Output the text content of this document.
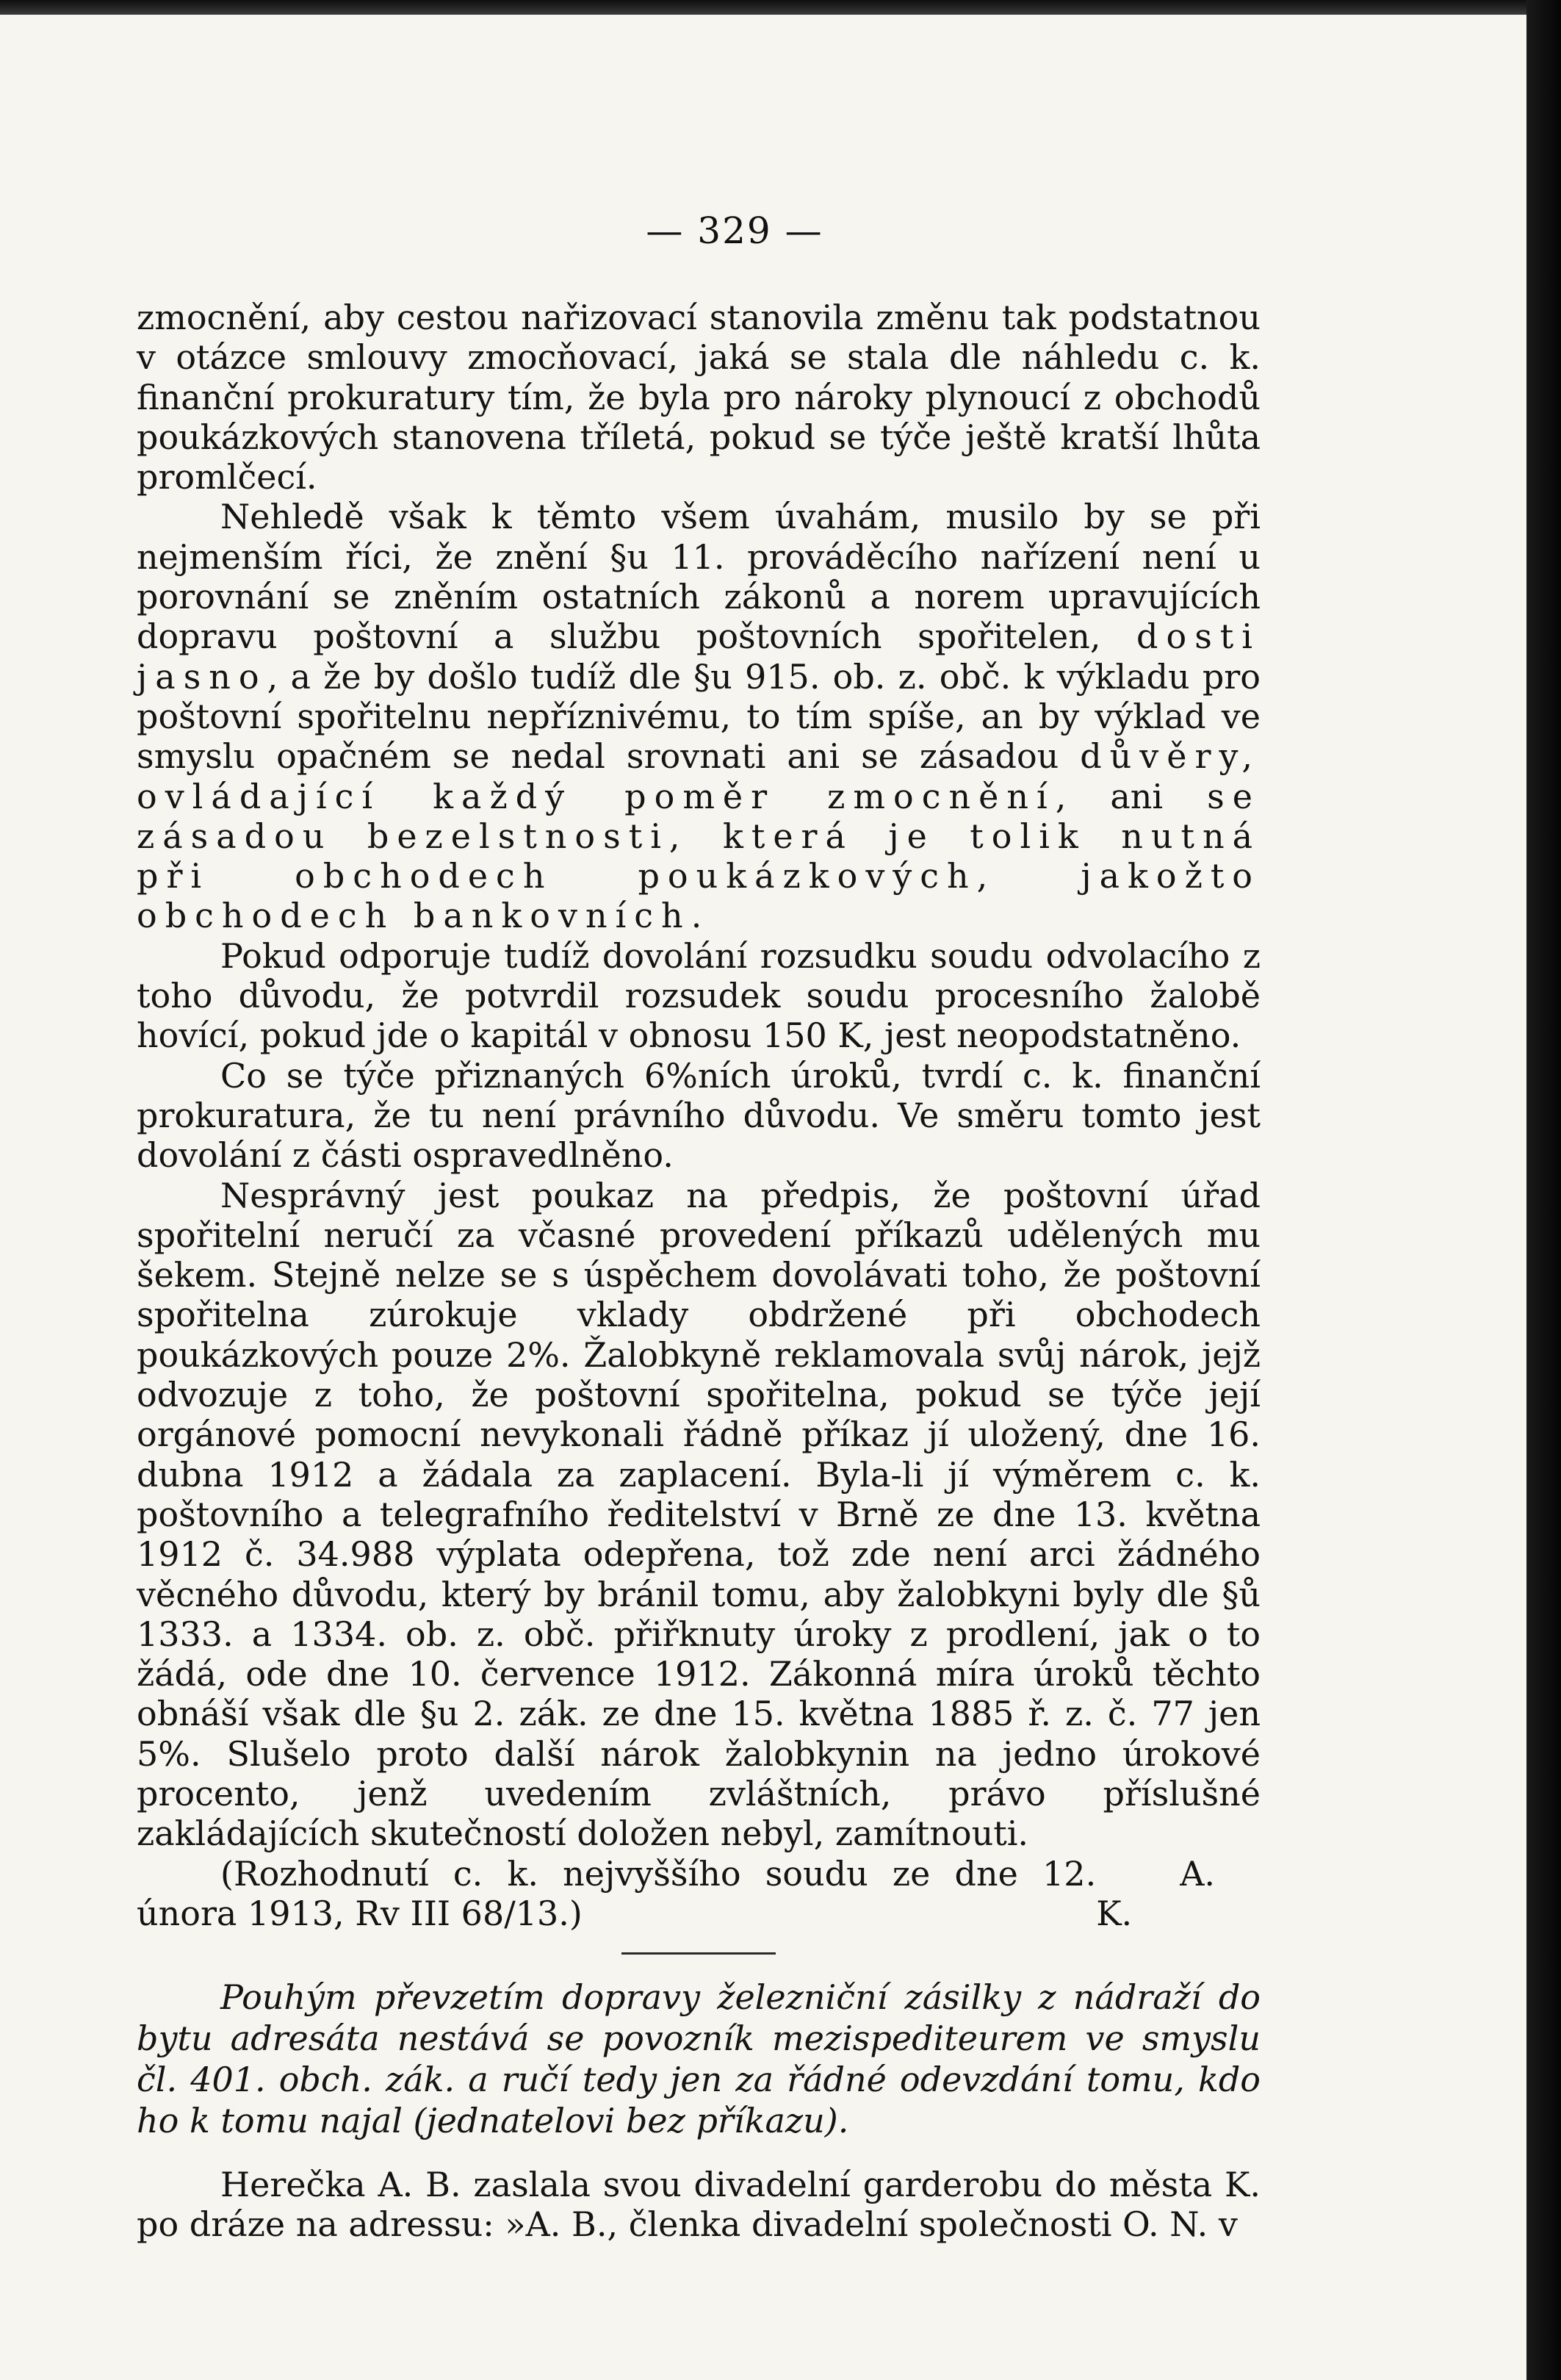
— 329 —

zmocnění, aby cestou nařizovací stanovila změnu tak podstatnou v otázce smlouvy zmocňovací, jaká se stala dle náhledu c. k. finanční prokuratury tím, že byla pro nároky plynoucí z obchodů poukázkových stanovena tříletá, pokud se týče ještě kratší lhůta promlčecí.

Nehledě však k těmto všem úvahám, musilo by se při nejmenším říci, že znění §u 11. prováděcího nařízení není u porovnání se zněním ostatních zákonů a norem upravujících dopravu poštovní a službu poštovních spořitelen, dosti jasno, a že by došlo tudíž dle §u 915. ob. z. obč. k výkladu pro poštovní spořitelnu nepříznivému, to tím spíše, an by výklad ve smyslu opačném se nedal srovnati ani se zásadou důvěry, ovládající každý poměr zmocnění, ani se zásadou bezelstnosti, která je tolik nutná při obchodech poukázkových, jakožto obchodech bankovních.

Pokud odporuje tudíž dovolání rozsudku soudu odvolacího z toho důvodu, že potvrdil rozsudek soudu procesního žalobě hovící, pokud jde o kapitál v obnosu 150 K, jest neopodstatněno.

Co se týče přiznaných 6%ních úroků, tvrdí c. k. finanční prokuratura, že tu není právního důvodu. Ve směru tomto jest dovolání z části ospravedlněno.

Nesprávný jest poukaz na předpis, že poštovní úřad spořitelní neručí za včasné provedení příkazů udělených mu šekem. Stejně nelze se s úspěchem dovolávati toho, že poštovní spořitelna zúrokuje vklady obdržené při obchodech poukázkových pouze 2%. Žalobkyně reklamovala svůj nárok, jejž odvozuje z toho, že poštovní spořitelna, pokud se týče její orgánové pomocní nevykonali řádně příkaz jí uložený, dne 16. dubna 1912 a žádala za zaplacení. Byla-li jí výměrem c. k. poštovního a telegrafního ředitelství v Brně ze dne 13. května 1912 č. 34.988 výplata odepřena, tož zde není arci žádného věcného důvodu, který by bránil tomu, aby žalobkyni byly dle §ů 1333. a 1334. ob. z. obč. přiřknuty úroky z prodlení, jak o to žádá, ode dne 10. července 1912. Zákonná míra úroků těchto obnáší však dle §u 2. zák. ze dne 15. května 1885 ř. z. č. 77 jen 5%. Slušelo proto další nárok žalobkynin na jedno úrokové procento, jenž uvedením zvláštních, právo příslušné zakládajících skutečností doložen nebyl, zamítnouti.

(Rozhodnutí c. k. nejvyššího soudu ze dne 12. února 1913, Rv III 68/13.)
A. K.

Pouhým převzetím dopravy železniční zásilky z nádraží do bytu adresáta nestává se povozník mezispediteurem ve smyslu čl. 401. obch. zák. a ručí tedy jen za řádné odevzdání tomu, kdo ho k tomu najal (jednatelovi bez příkazu).

Herečka A. B. zaslala svou divadelní garderobu do města K. po dráze na adressu: »A. B., členka divadelní společnosti O. N. v
